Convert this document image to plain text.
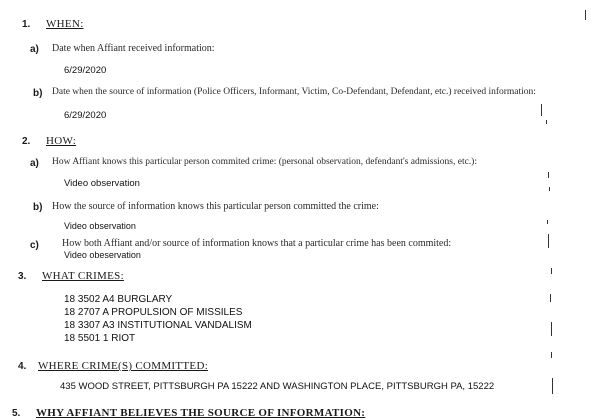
1. WHEN:
a) Date when Affiant received information:
6/29/2020
b) Date when the source of information (Police Officers, Informant, Victim, Co-Defendant, Defendant, etc.) received information:
6/29/2020
2. HOW:
a) How Affiant knows this particular person commited crime: (personal observation, defendant's admissions, etc.):
Video observation
b) How the source of information knows this particular person committed the crime:
Video observation
c) How both Affiant and/or source of information knows that a particular crime has been commited:
Video obeservation
3. WHAT CRIMES:
18 3502 A4 BURGLARY
18 2707 A PROPULSION OF MISSILES
18 3307 A3 INSTITUTIONAL VANDALISM
18 5501 1 RIOT
4. WHERE CRIME(S) COMMITTED:
435 WOOD STREET, PITTSBURGH PA 15222 AND WASHINGTON PLACE, PITTSBURGH PA, 15222
5. WHY AFFIANT BELIEVES THE SOURCE OF INFORMATION:
